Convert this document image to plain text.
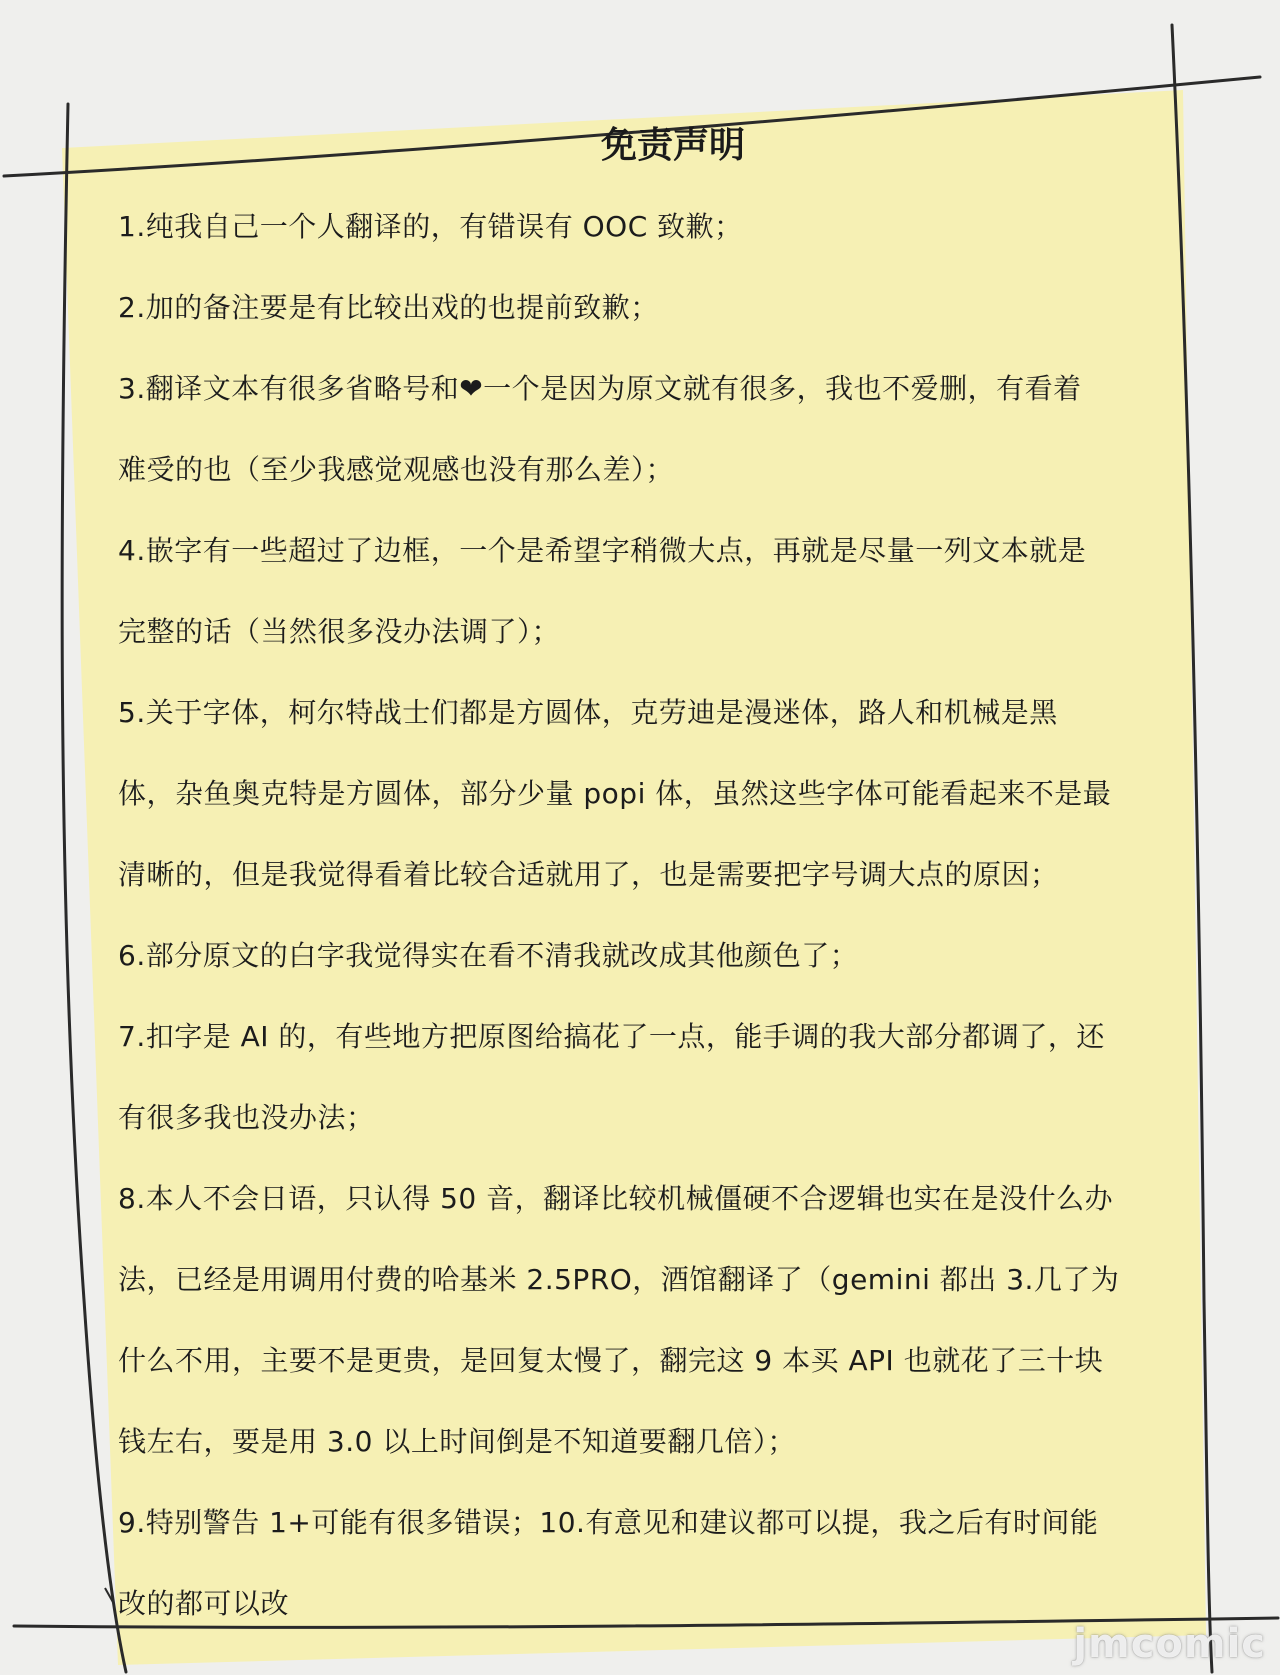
免责声明
1.纯我自己一个人翻译的，有错误有 OOC 致歉；
2.加的备注要是有比较出戏的也提前致歉；
3.翻译文本有很多省略号和❤一个是因为原文就有很多，我也不爱删，有看着
难受的也（至少我感觉观感也没有那么差）；
4.嵌字有一些超过了边框，一个是希望字稍微大点，再就是尽量一列文本就是
完整的话（当然很多没办法调了）；
5.关于字体，柯尔特战士们都是方圆体，克劳迪是漫迷体，路人和机械是黑
体，杂鱼奥克特是方圆体，部分少量 popi 体，虽然这些字体可能看起来不是最
清晰的，但是我觉得看着比较合适就用了，也是需要把字号调大点的原因；
6.部分原文的白字我觉得实在看不清我就改成其他颜色了；
7.扣字是 AI 的，有些地方把原图给搞花了一点，能手调的我大部分都调了，还
有很多我也没办法；
8.本人不会日语，只认得 50 音，翻译比较机械僵硬不合逻辑也实在是没什么办
法，已经是用调用付费的哈基米 2.5PRO，酒馆翻译了（gemini 都出 3.几了为
什么不用，主要不是更贵，是回复太慢了，翻完这 9 本买 API 也就花了三十块
钱左右，要是用 3.0 以上时间倒是不知道要翻几倍）；
9.特别警告 1+可能有很多错误；10.有意见和建议都可以提，我之后有时间能
改的都可以改
jmcomic
